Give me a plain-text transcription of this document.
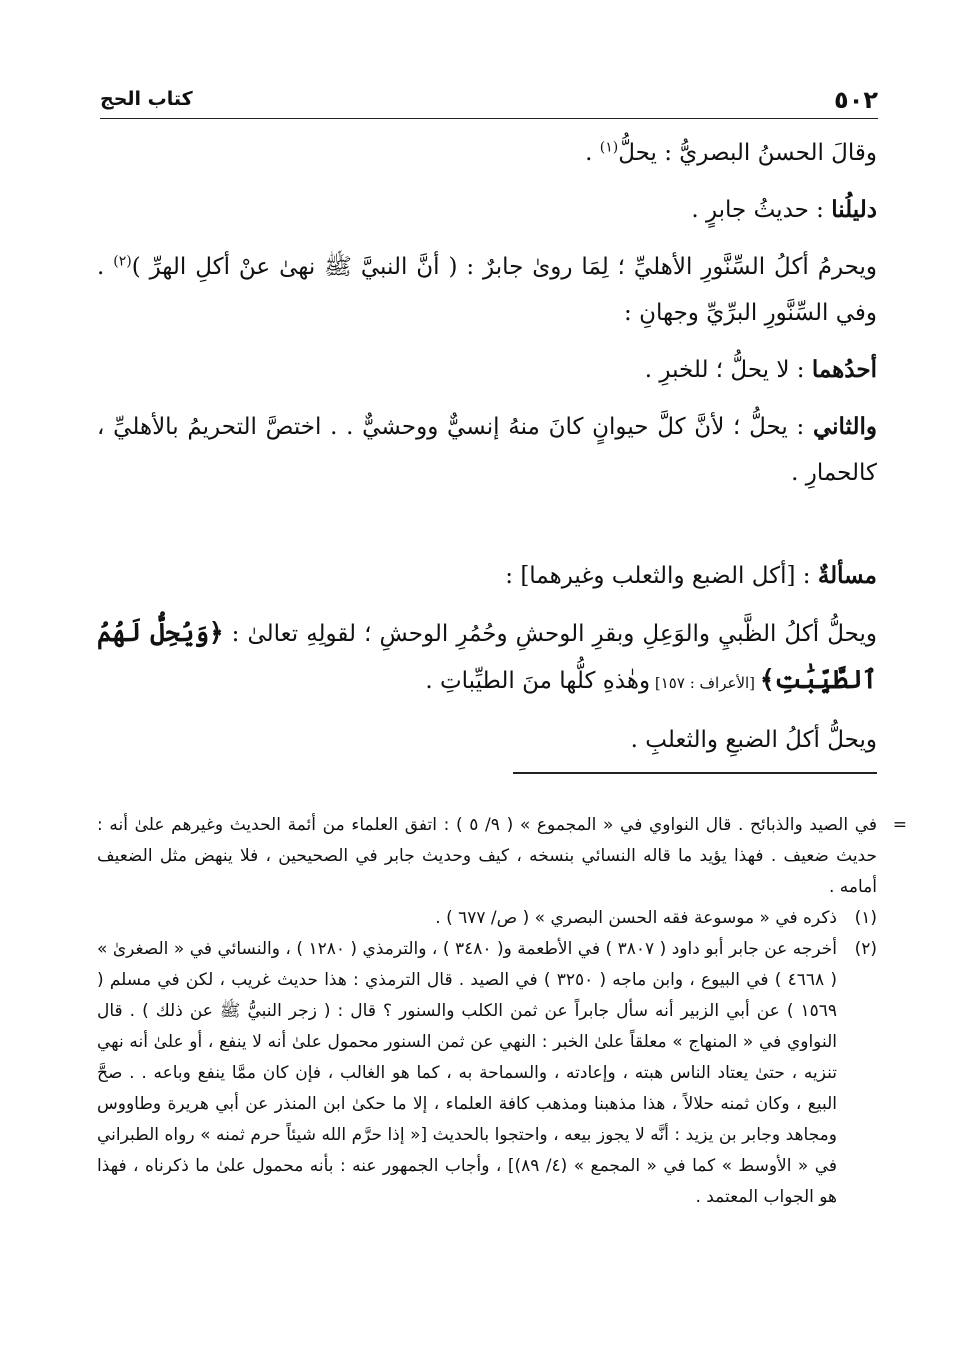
٥٠٢
كتاب الحج

وقالَ الحسنُ البصريُّ : يحلُّ$^{(١)}$ .

دليلُنا : حديثُ جابرٍ .

ويحرمُ أكلُ السِّنَّورِ الأهليِّ ؛ لِمَا روىٰ جابرٌ : ( أنَّ النبيَّ ﷺ نهىٰ عنْ أكلِ الهرِّ )$^{(٢)}$ . وفي السِّنَّورِ البرِّيِّ وجهانِ :

أحدُهما : لا يحلُّ ؛ للخبرِ .

والثاني : يحلُّ ؛ لأنَّ كلَّ حيوانٍ كانَ منهُ إنسيٌّ ووحشيٌّ . . اختصَّ التحريمُ بالأهليِّ ، كالحمارِ .

مسألةٌ : [أكل الضبع والثعلب وغيرهما] :

ويحلُّ أكلُ الظَّبيِ والوَعِلِ وبقرِ الوحشِ وحُمُرِ الوحشِ ؛ لقولِهِ تعالىٰ : ﴿وَيُحِلُّ لَهُمُ ٱلطَّيِّبَٰتِ﴾ [الأعراف : ١٥٧] وهٰذهِ كلُّها منَ الطيِّباتِ .

ويحلُّ أكلُ الضبعِ والثعلبِ .

=
في الصيد والذبائح . قال النواوي في « المجموع » ( ٩/ ٥ ) : اتفق العلماء من أئمة الحديث وغيرهم علىٰ أنه : حديث ضعيف . فهذا يؤيد ما قاله النسائي بنسخه ، كيف وحديث جابر في الصحيحين ، فلا ينهض مثل الضعيف أمامه .
(١)
ذكره في « موسوعة فقه الحسن البصري » ( ص/ ٦٧٧ ) .
(٢)
أخرجه عن جابر أبو داود ( ٣٨٠٧ ) في الأطعمة و( ٣٤٨٠ ) ، والترمذي ( ١٢٨٠ ) ، والنسائي في « الصغرىٰ » ( ٤٦٦٨ ) في البيوع ، وابن ماجه ( ٣٢٥٠ ) في الصيد . قال الترمذي : هذا حديث غريب ، لكن في مسلم ( ١٥٦٩ ) عن أبي الزبير أنه سأل جابراً عن ثمن الكلب والسنور ؟ قال : ( زجر النبيُّ ﷺ عن ذلك ) . قال النواوي في « المنهاج » معلقاً علىٰ الخبر : النهي عن ثمن السنور محمول علىٰ أنه لا ينفع ، أو علىٰ أنه نهي تنزيه ، حتىٰ يعتاد الناس هبته ، وإعادته ، والسماحة به ، كما هو الغالب ، فإن كان ممَّا ينفع وباعه . . صحَّ البيع ، وكان ثمنه حلالاً ، هذا مذهبنا ومذهب كافة العلماء ، إلا ما حكىٰ ابن المنذر عن أبي هريرة وطاووس ومجاهد وجابر بن يزيد : أنَّه لا يجوز بيعه ، واحتجوا بالحديث [« إذا حرَّم الله شيئاً حرم ثمنه » رواه الطبراني في « الأوسط » كما في « المجمع » (٤/ ٨٩)] ، وأجاب الجمهور عنه : بأنه محمول علىٰ ما ذكرناه ، فهذا هو الجواب المعتمد .
